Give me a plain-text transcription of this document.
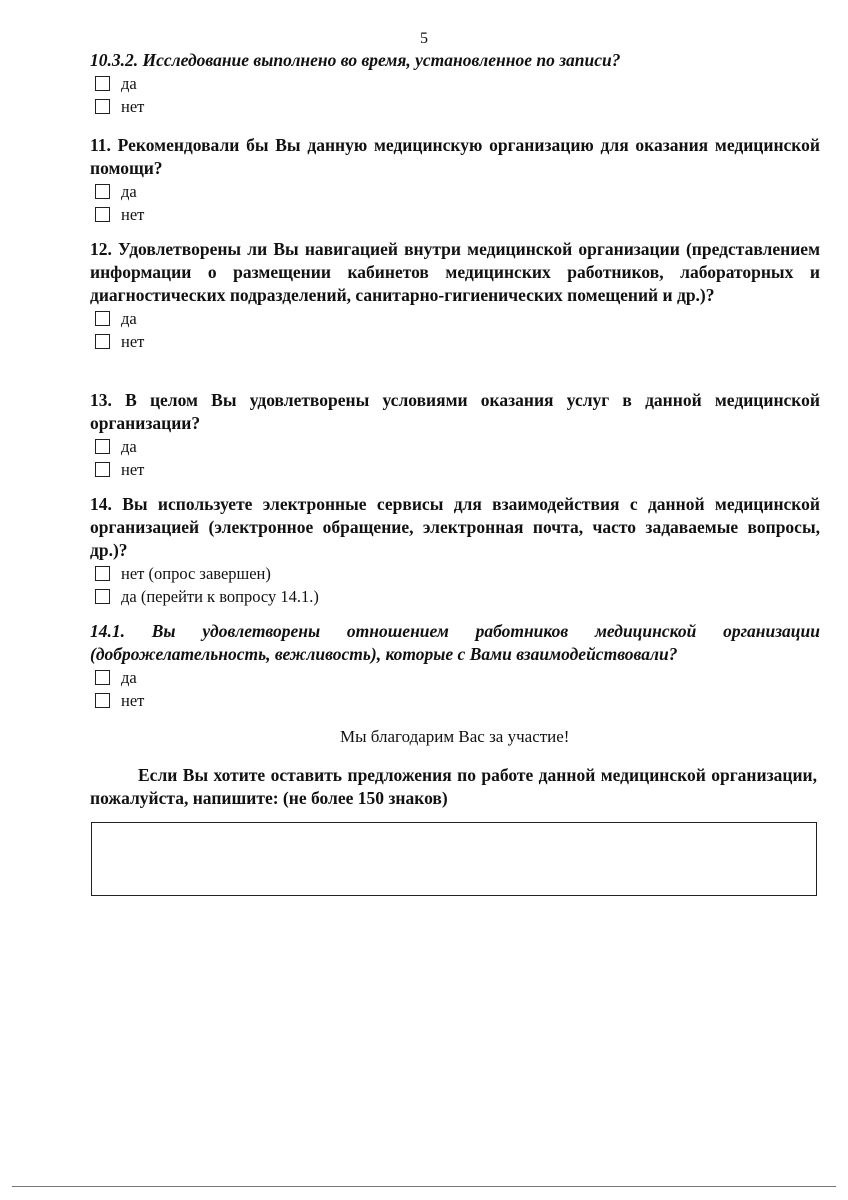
5

10.3.2. Исследование выполнено во время, установленное по записи?

да
нет

11. Рекомендовали бы Вы данную медицинскую организацию для оказания медицинской помощи?

да
нет

12. Удовлетворены ли Вы навигацией внутри медицинской организации (представлением информации о размещении кабинетов медицинских работников, лабораторных и диагностических подразделений, санитарно-гигиенических помещений и др.)?

да
нет

13. В целом Вы удовлетворены условиями оказания услуг в данной медицинской организации?

да
нет

14. Вы используете электронные сервисы для взаимодействия с данной медицинской организацией (электронное обращение, электронная почта, часто задаваемые вопросы, др.)?

нет (опрос завершен)
да (перейти к вопросу 14.1.)

14.1. Вы удовлетворены отношением работников медицинской организации (доброжелательность, вежливость), которые с Вами взаимодействовали?

да
нет
Мы благодарим Вас за участие!

Если Вы хотите оставить предложения по работе данной медицинской организации, пожалуйста, напишите: (не более 150 знаков)
